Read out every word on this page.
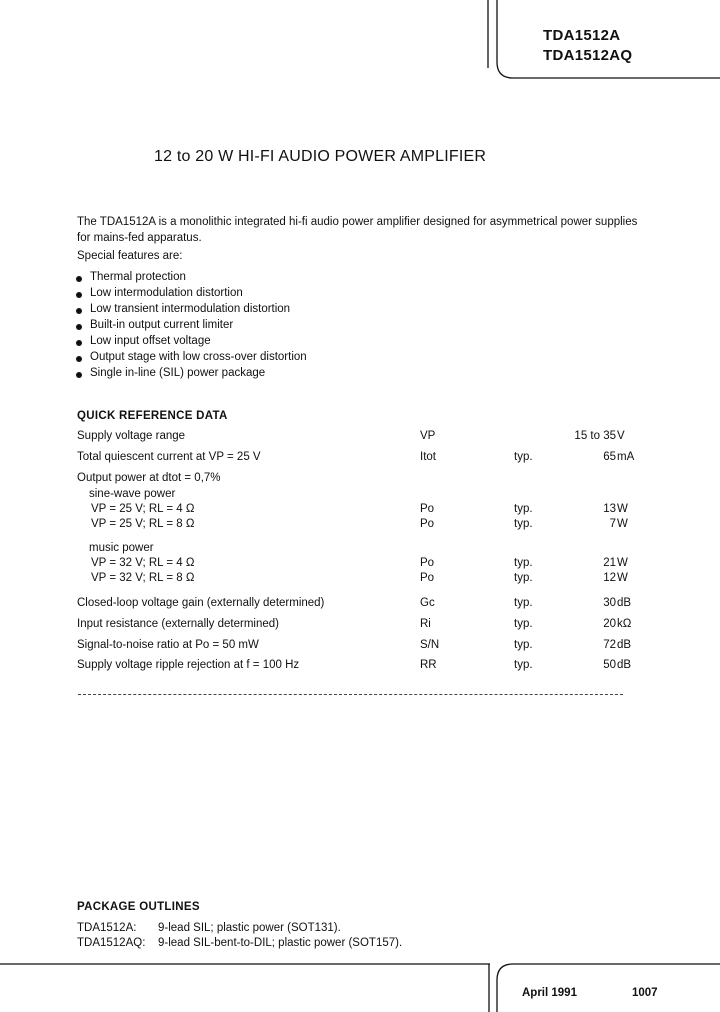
TDA1512A
TDA1512AQ
12 to 20 W HI-FI AUDIO POWER AMPLIFIER
The TDA1512A is a monolithic integrated hi-fi audio power amplifier designed for asymmetrical power supplies for mains-fed apparatus.
Special features are:
Thermal protection
Low intermodulation distortion
Low transient intermodulation distortion
Built-in output current limiter
Low input offset voltage
Output stage with low cross-over distortion
Single in-line (SIL) power package
QUICK REFERENCE DATA
Supply voltage range	VP	15 to 35 V
Total quiescent current at VP = 25 V	Itot	typ.	65 mA
Output power at dtot = 0,7%
sine-wave power
VP = 25 V; RL = 4 Ω	Po	typ.	13 W
VP = 25 V; RL = 8 Ω	Po	typ.	7 W
music power
VP = 32 V; RL = 4 Ω	Po	typ.	21 W
VP = 32 V; RL = 8 Ω	Po	typ.	12 W
Closed-loop voltage gain (externally determined)	Gc	typ.	30 dB
Input resistance (externally determined)	Ri	typ.	20 kΩ
Signal-to-noise ratio at Po = 50 mW	S/N	typ.	72 dB
Supply voltage ripple rejection at f = 100 Hz	RR	typ.	50 dB
PACKAGE OUTLINES
TDA1512A: 9-lead SIL; plastic power (SOT131).
TDA1512AQ: 9-lead SIL-bent-to-DIL; plastic power (SOT157).
April 1991	1007
